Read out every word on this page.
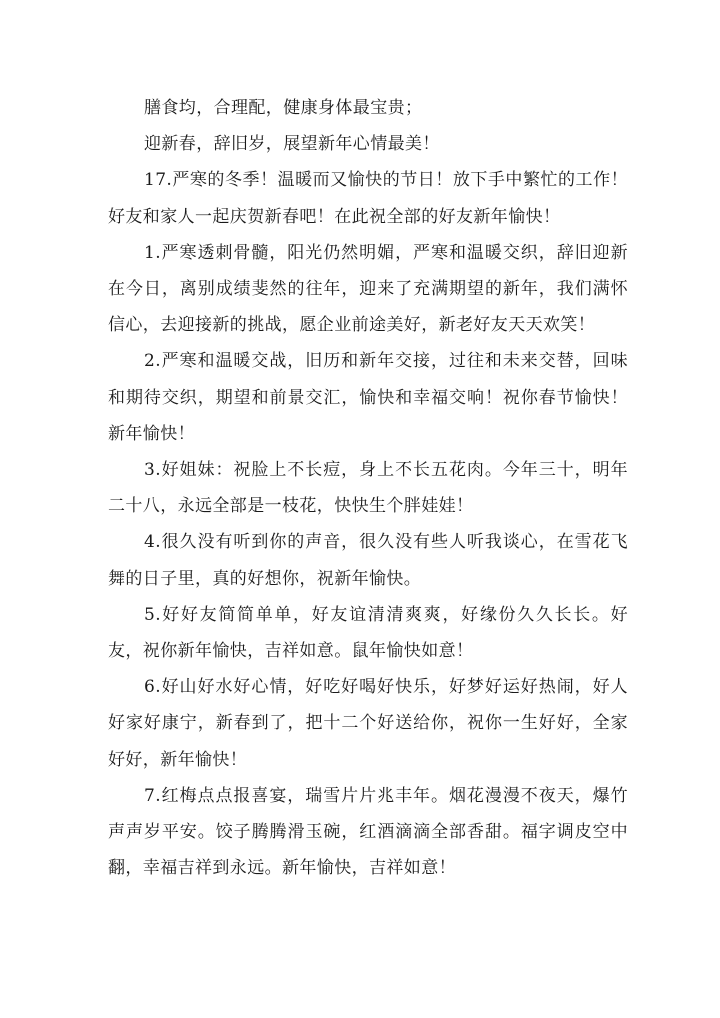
膳食均，合理配，健康身体最宝贵；

迎新春，辞旧岁，展望新年心情最美！

17.严寒的冬季！温暖而又愉快的节日！放下手中繁忙的工作！好友和家人一起庆贺新春吧！在此祝全部的好友新年愉快！

1.严寒透刺骨髓，阳光仍然明媚，严寒和温暖交织，辞旧迎新在今日，离别成绩斐然的往年，迎来了充满期望的新年，我们满怀信心，去迎接新的挑战，愿企业前途美好，新老好友天天欢笑！

2.严寒和温暖交战，旧历和新年交接，过往和未来交替，回味和期待交织，期望和前景交汇，愉快和幸福交响！祝你春节愉快！新年愉快！

3.好姐妹：祝脸上不长痘，身上不长五花肉。今年三十，明年二十八，永远全部是一枝花，快快生个胖娃娃！

4.很久没有听到你的声音，很久没有些人听我谈心，在雪花飞舞的日子里，真的好想你，祝新年愉快。

5.好好友简简单单，好友谊清清爽爽，好缘份久久长长。好友，祝你新年愉快，吉祥如意。鼠年愉快如意！

6.好山好水好心情，好吃好喝好快乐，好梦好运好热闹，好人好家好康宁，新春到了，把十二个好送给你，祝你一生好好，全家好好，新年愉快！

7.红梅点点报喜宴，瑞雪片片兆丰年。烟花漫漫不夜天，爆竹声声岁平安。饺子腾腾滑玉碗，红酒滴滴全部香甜。福字调皮空中翻，幸福吉祥到永远。新年愉快，吉祥如意！
